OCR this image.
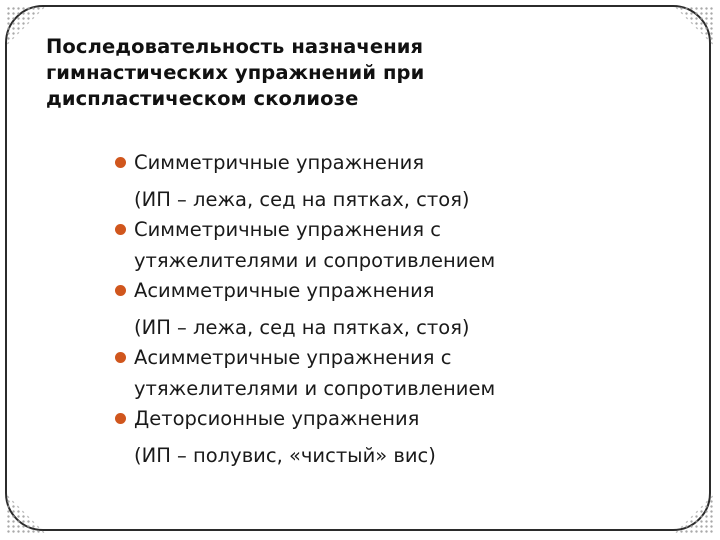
Последовательность назначения
гимнастических упражнений при
диспластическом сколиозе
Симметричные упражнения
(ИП – лежа, сед на пятках, стоя)
Симметричные упражнения с
утяжелителями и сопротивлением
Асимметричные упражнения
(ИП – лежа, сед на пятках, стоя)
Асимметричные упражнения с
утяжелителями и сопротивлением
Деторсионные упражнения
(ИП – полувис, «чистый» вис)
